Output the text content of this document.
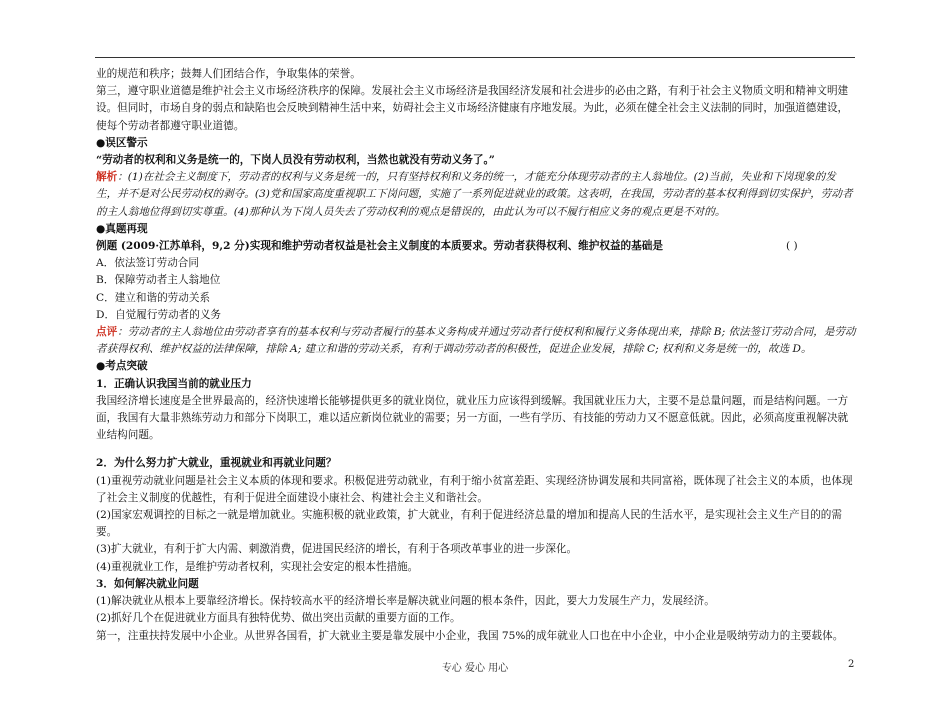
业的规范和秩序；鼓舞人们团结合作，争取集体的荣誉。

第三，遵守职业道德是维护社会主义市场经济秩序的保障。发展社会主义市场经济是我国经济发展和社会进步的必由之路，有利于社会主义物质文明和精神文明建设。但同时，市场自身的弱点和缺陷也会反映到精神生活中来，妨碍社会主义市场经济健康有序地发展。为此，必须在健全社会主义法制的同时，加强道德建设，使每个劳动者都遵守职业道德。

●误区警示

“劳动者的权利和义务是统一的，下岗人员没有劳动权利，当然也就没有劳动义务了。”

解析：(1)在社会主义制度下，劳动者的权利与义务是统一的，只有坚持权利和义务的统一，才能充分体现劳动者的主人翁地位。(2)当前，失业和下岗现象的发生，并不是对公民劳动权的剥夺。(3)党和国家高度重视职工下岗问题，实施了一系列促进就业的政策。这表明，在我国，劳动者的基本权利得到切实保护，劳动者的主人翁地位得到切实尊重。(4)那种认为下岗人员失去了劳动权利的观点是错误的，由此认为可以不履行相应义务的观点更是不对的。

●真题再现

例题 (2009·江苏单科，9,2 分)实现和维护劳动者权益是社会主义制度的本质要求。劳动者获得权利、维护权益的基础是	( )

A．依法签订劳动合同

B．保障劳动者主人翁地位

C．建立和谐的劳动关系

D．自觉履行劳动者的义务

点评：劳动者的主人翁地位由劳动者享有的基本权利与劳动者履行的基本义务构成并通过劳动者行使权利和履行义务体现出来，排除 B; 依法签订劳动合同，是劳动者获得权利、维护权益的法律保障，排除 A; 建立和谐的劳动关系，有利于调动劳动者的积极性，促进企业发展，排除 C; 权利和义务是统一的，故选 D。

●考点突破

1．正确认识我国当前的就业压力

我国经济增长速度是全世界最高的，经济快速增长能够提供更多的就业岗位，就业压力应该得到缓解。我国就业压力大，主要不是总量问题，而是结构问题。一方面，我国有大量非熟练劳动力和部分下岗职工，难以适应新岗位就业的需要；另一方面，一些有学历、有技能的劳动力又不愿意低就。因此，必须高度重视解决就业结构问题。

2．为什么努力扩大就业，重视就业和再就业问题？

(1)重视劳动就业问题是社会主义本质的体现和要求。积极促进劳动就业，有利于缩小贫富差距、实现经济协调发展和共同富裕，既体现了社会主义的本质，也体现了社会主义制度的优越性，有利于促进全面建设小康社会、构建社会主义和谐社会。

(2)国家宏观调控的目标之一就是增加就业。实施积极的就业政策，扩大就业，有利于促进经济总量的增加和提高人民的生活水平，是实现社会主义生产目的的需要。

(3)扩大就业，有利于扩大内需、刺激消费，促进国民经济的增长，有利于各项改革事业的进一步深化。

(4)重视就业工作，是维护劳动者权利，实现社会安定的根本性措施。

3．如何解决就业问题

(1)解决就业从根本上要靠经济增长。保持较高水平的经济增长率是解决就业问题的根本条件，因此，要大力发展生产力，发展经济。

(2)抓好几个在促进就业方面具有独特优势、做出突出贡献的重要方面的工作。

第一，注重扶持发展中小企业。从世界各国看，扩大就业主要是靠发展中小企业，我国 75%的成年就业人口也在中小企业，中小企业是吸纳劳动力的主要载体。

专心 爱心 用心	2
